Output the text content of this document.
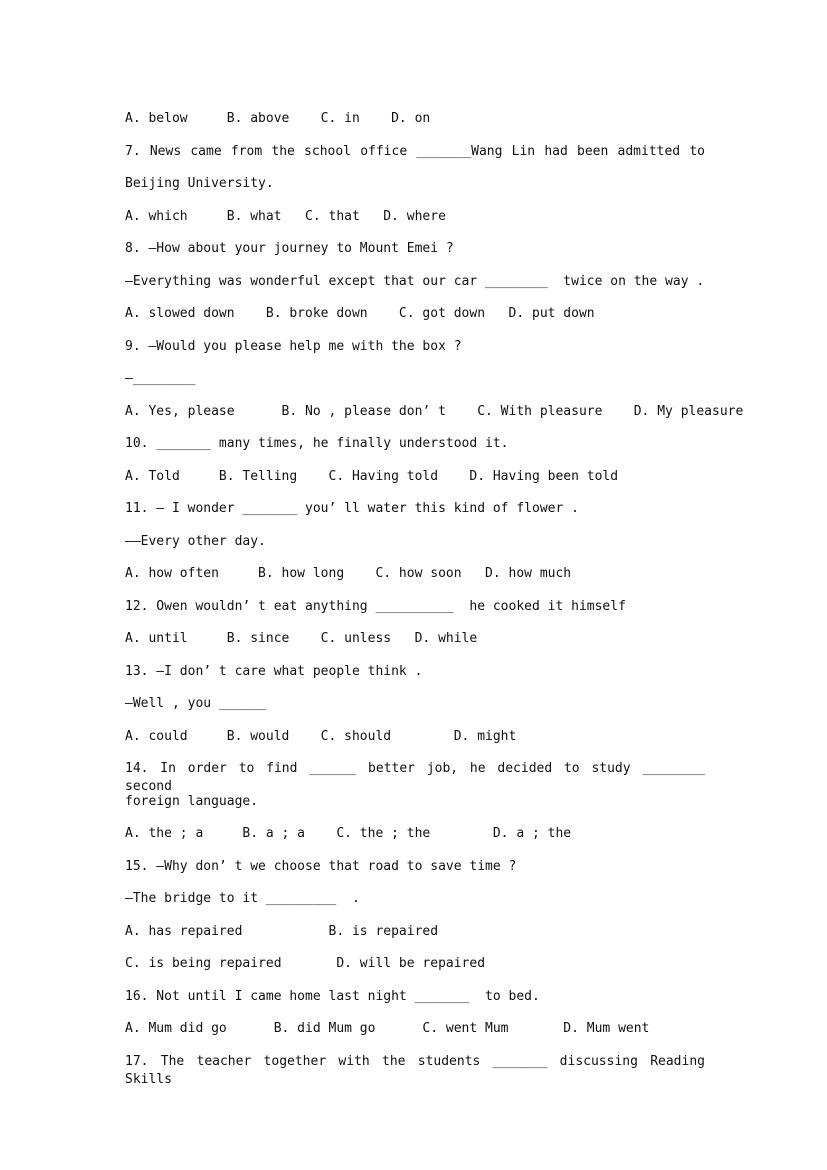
A. below     B. above    C. in    D. on
7. News came from the school office _______Wang Lin had been admitted to
Beijing University.
A. which     B. what   C. that   D. where
8. —How about your journey to Mount Emei ?
—Everything was wonderful except that our car ________  twice on the way .
A. slowed down    B. broke down    C. got down   D. put down
9. —Would you please help me with the box ?
—________
A. Yes, please      B. No , please don’ t    C. With pleasure    D. My pleasure
10. _______ many times, he finally understood it.
A. Told     B. Telling    C. Having told    D. Having been told
11. — I wonder _______ you’ ll water this kind of flower .
——Every other day.
A. how often     B. how long    C. how soon   D. how much
12. Owen wouldn’ t eat anything __________  he cooked it himself
A. until     B. since    C. unless   D. while
13. —I don’ t care what people think .
—Well , you ______
A. could     B. would    C. should        D. might
14. In order to find ______ better job, he decided to study ________ second
foreign language.
A. the ; a     B. a ; a    C. the ; the        D. a ; the
15. —Why don’ t we choose that road to save time ?
—The bridge to it _________  .
A. has repaired           B. is repaired
C. is being repaired       D. will be repaired
16. Not until I came home last night _______  to bed.
A. Mum did go      B. did Mum go      C. went Mum       D. Mum went
17. The teacher together with the students _______ discussing Reading Skills
